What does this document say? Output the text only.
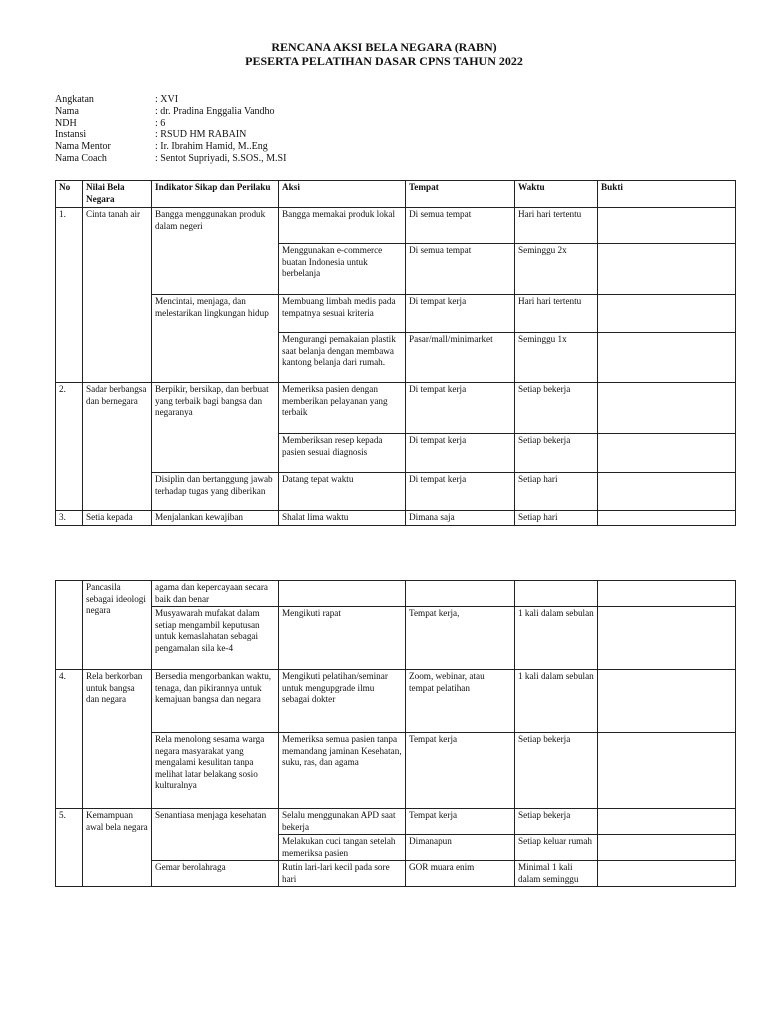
RENCANA AKSI BELA NEGARA (RABN)
PESERTA PELATIHAN DASAR CPNS TAHUN 2022
Angkatan	: XVI
Nama	: dr. Pradina Enggalia Vandho
NDH	: 6
Instansi	: RSUD HM RABAIN
Nama Mentor	: Ir. Ibrahim Hamid, M..Eng
Nama Coach	: Sentot Supriyadi, S.SOS., M.SI
No	Nilai Bela Negara	Indikator Sikap dan Perilaku	Aksi	Tempat	Waktu	Bukti
1.	Cinta tanah air	Bangga menggunakan produk dalam negeri	Bangga memakai produk lokal	Di semua tempat	Hari hari tertentu	
			Menggunakan e-commerce buatan Indonesia untuk berbelanja	Di semua tempat	Seminggu 2x	
		Mencintai, menjaga, dan melestarikan lingkungan hidup	Membuang limbah medis pada tempatnya sesuai kriteria	Di tempat kerja	Hari hari tertentu	
			Mengurangi pemakaian plastik saat belanja dengan membawa kantong belanja dari rumah.	Pasar/mall/minimarket	Seminggu 1x	
2.	Sadar berbangsa dan bernegara	Berpikir, bersikap, dan berbuat yang terbaik bagi bangsa dan negaranya	Memeriksa pasien dengan memberikan pelayanan yang terbaik	Di tempat kerja	Setiap bekerja	
			Memberiksan resep kepada pasien sesuai diagnosis	Di tempat kerja	Setiap bekerja	
		Disiplin dan bertanggung jawab terhadap tugas yang diberikan	Datang tepat waktu	Di tempat kerja	Setiap hari	
3.	Setia kepada	Menjalankan kewajiban	Shalat lima waktu	Dimana saja	Setiap hari	
	Pancasila sebagai ideologi negara	agama dan kepercayaan secara baik dan benar				
		Musyawarah mufakat dalam setiap mengambil keputusan untuk kemaslahatan sebagai pengamalan sila ke-4	Mengikuti rapat	Tempat kerja,	1 kali dalam sebulan	
4.	Rela berkorban untuk bangsa dan negara	Bersedia mengorbankan waktu, tenaga, dan pikirannya untuk kemajuan bangsa dan negara	Mengikuti pelatihan/seminar untuk mengupgrade ilmu sebagai dokter	Zoom, webinar, atau tempat pelatihan	1 kali dalam sebulan	
		Rela menolong sesama warga negara masyarakat yang mengalami kesulitan tanpa melihat latar belakang sosio kulturalnya	Memeriksa semua pasien tanpa memandang jaminan Kesehatan, suku, ras, dan agama	Tempat kerja	Setiap bekerja	
5.	Kemampuan awal bela negara	Senantiasa menjaga kesehatan	Selalu menggunakan APD saat bekerja	Tempat kerja	Setiap bekerja	
			Melakukan cuci tangan setelah memeriksa pasien	Dimanapun	Setiap keluar rumah	
		Gemar berolahraga	Rutin lari-lari kecil pada sore hari	GOR muara enim	Minimal 1 kali dalam seminggu	
